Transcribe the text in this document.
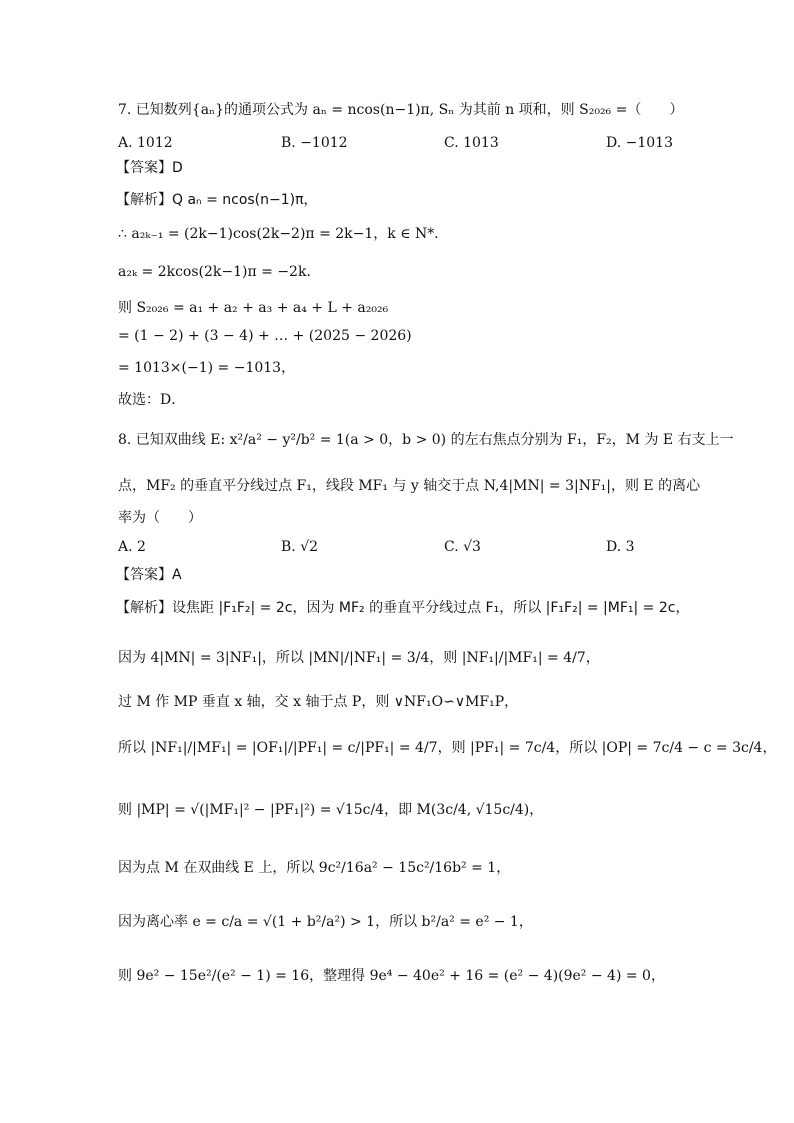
7. 已知数列{aₙ}的通项公式为 aₙ = ncos(n−1)π, Sₙ 为其前 n 项和，则 S₂₀₂₆ =（　　）
A. 1012	B. −1012	C. 1013	D. −1013
【答案】D
【解析】Q aₙ = ncos(n−1)π，
∴ a₂ₖ₋₁ = (2k−1)cos(2k−2)π = 2k−1，k ∈ N*．
a₂ₖ = 2kcos(2k−1)π = −2k．
则 S₂₀₂₆ = a₁ + a₂ + a₃ + a₄ + L + a₂₀₂₆
= (1 − 2) + (3 − 4) + … + (2025 − 2026)
= 1013×(−1) = −1013，
故选：D．
8. 已知双曲线 E: x²/a² − y²/b² = 1(a > 0，b > 0) 的左右焦点分别为 F₁，F₂，M 为 E 右支上一
点，MF₂ 的垂直平分线过点 F₁，线段 MF₁ 与 y 轴交于点 N,4|MN| = 3|NF₁|，则 E 的离心
率为（　　）
A. 2	B. √2	C. √3	D. 3
【答案】A
【解析】设焦距 |F₁F₂| = 2c，因为 MF₂ 的垂直平分线过点 F₁，所以 |F₁F₂| = |MF₁| = 2c，
因为 4|MN| = 3|NF₁|，所以 |MN|/|NF₁| = 3/4，则 |NF₁|/|MF₁| = 4/7，
过 M 作 MP 垂直 x 轴，交 x 轴于点 P，则 ∨NF₁O∽∨MF₁P，
所以 |NF₁|/|MF₁| = |OF₁|/|PF₁| = c/|PF₁| = 4/7，则 |PF₁| = 7c/4，所以 |OP| = 7c/4 − c = 3c/4，
则 |MP| = √(|MF₁|² − |PF₁|²) = √15c/4，即 M(3c/4, √15c/4)，
因为点 M 在双曲线 E 上，所以 9c²/16a² − 15c²/16b² = 1，
因为离心率 e = c/a = √(1 + b²/a²) > 1，所以 b²/a² = e² − 1，
则 9e² − 15e²/(e² − 1) = 16，整理得 9e⁴ − 40e² + 16 = (e² − 4)(9e² − 4) = 0，
